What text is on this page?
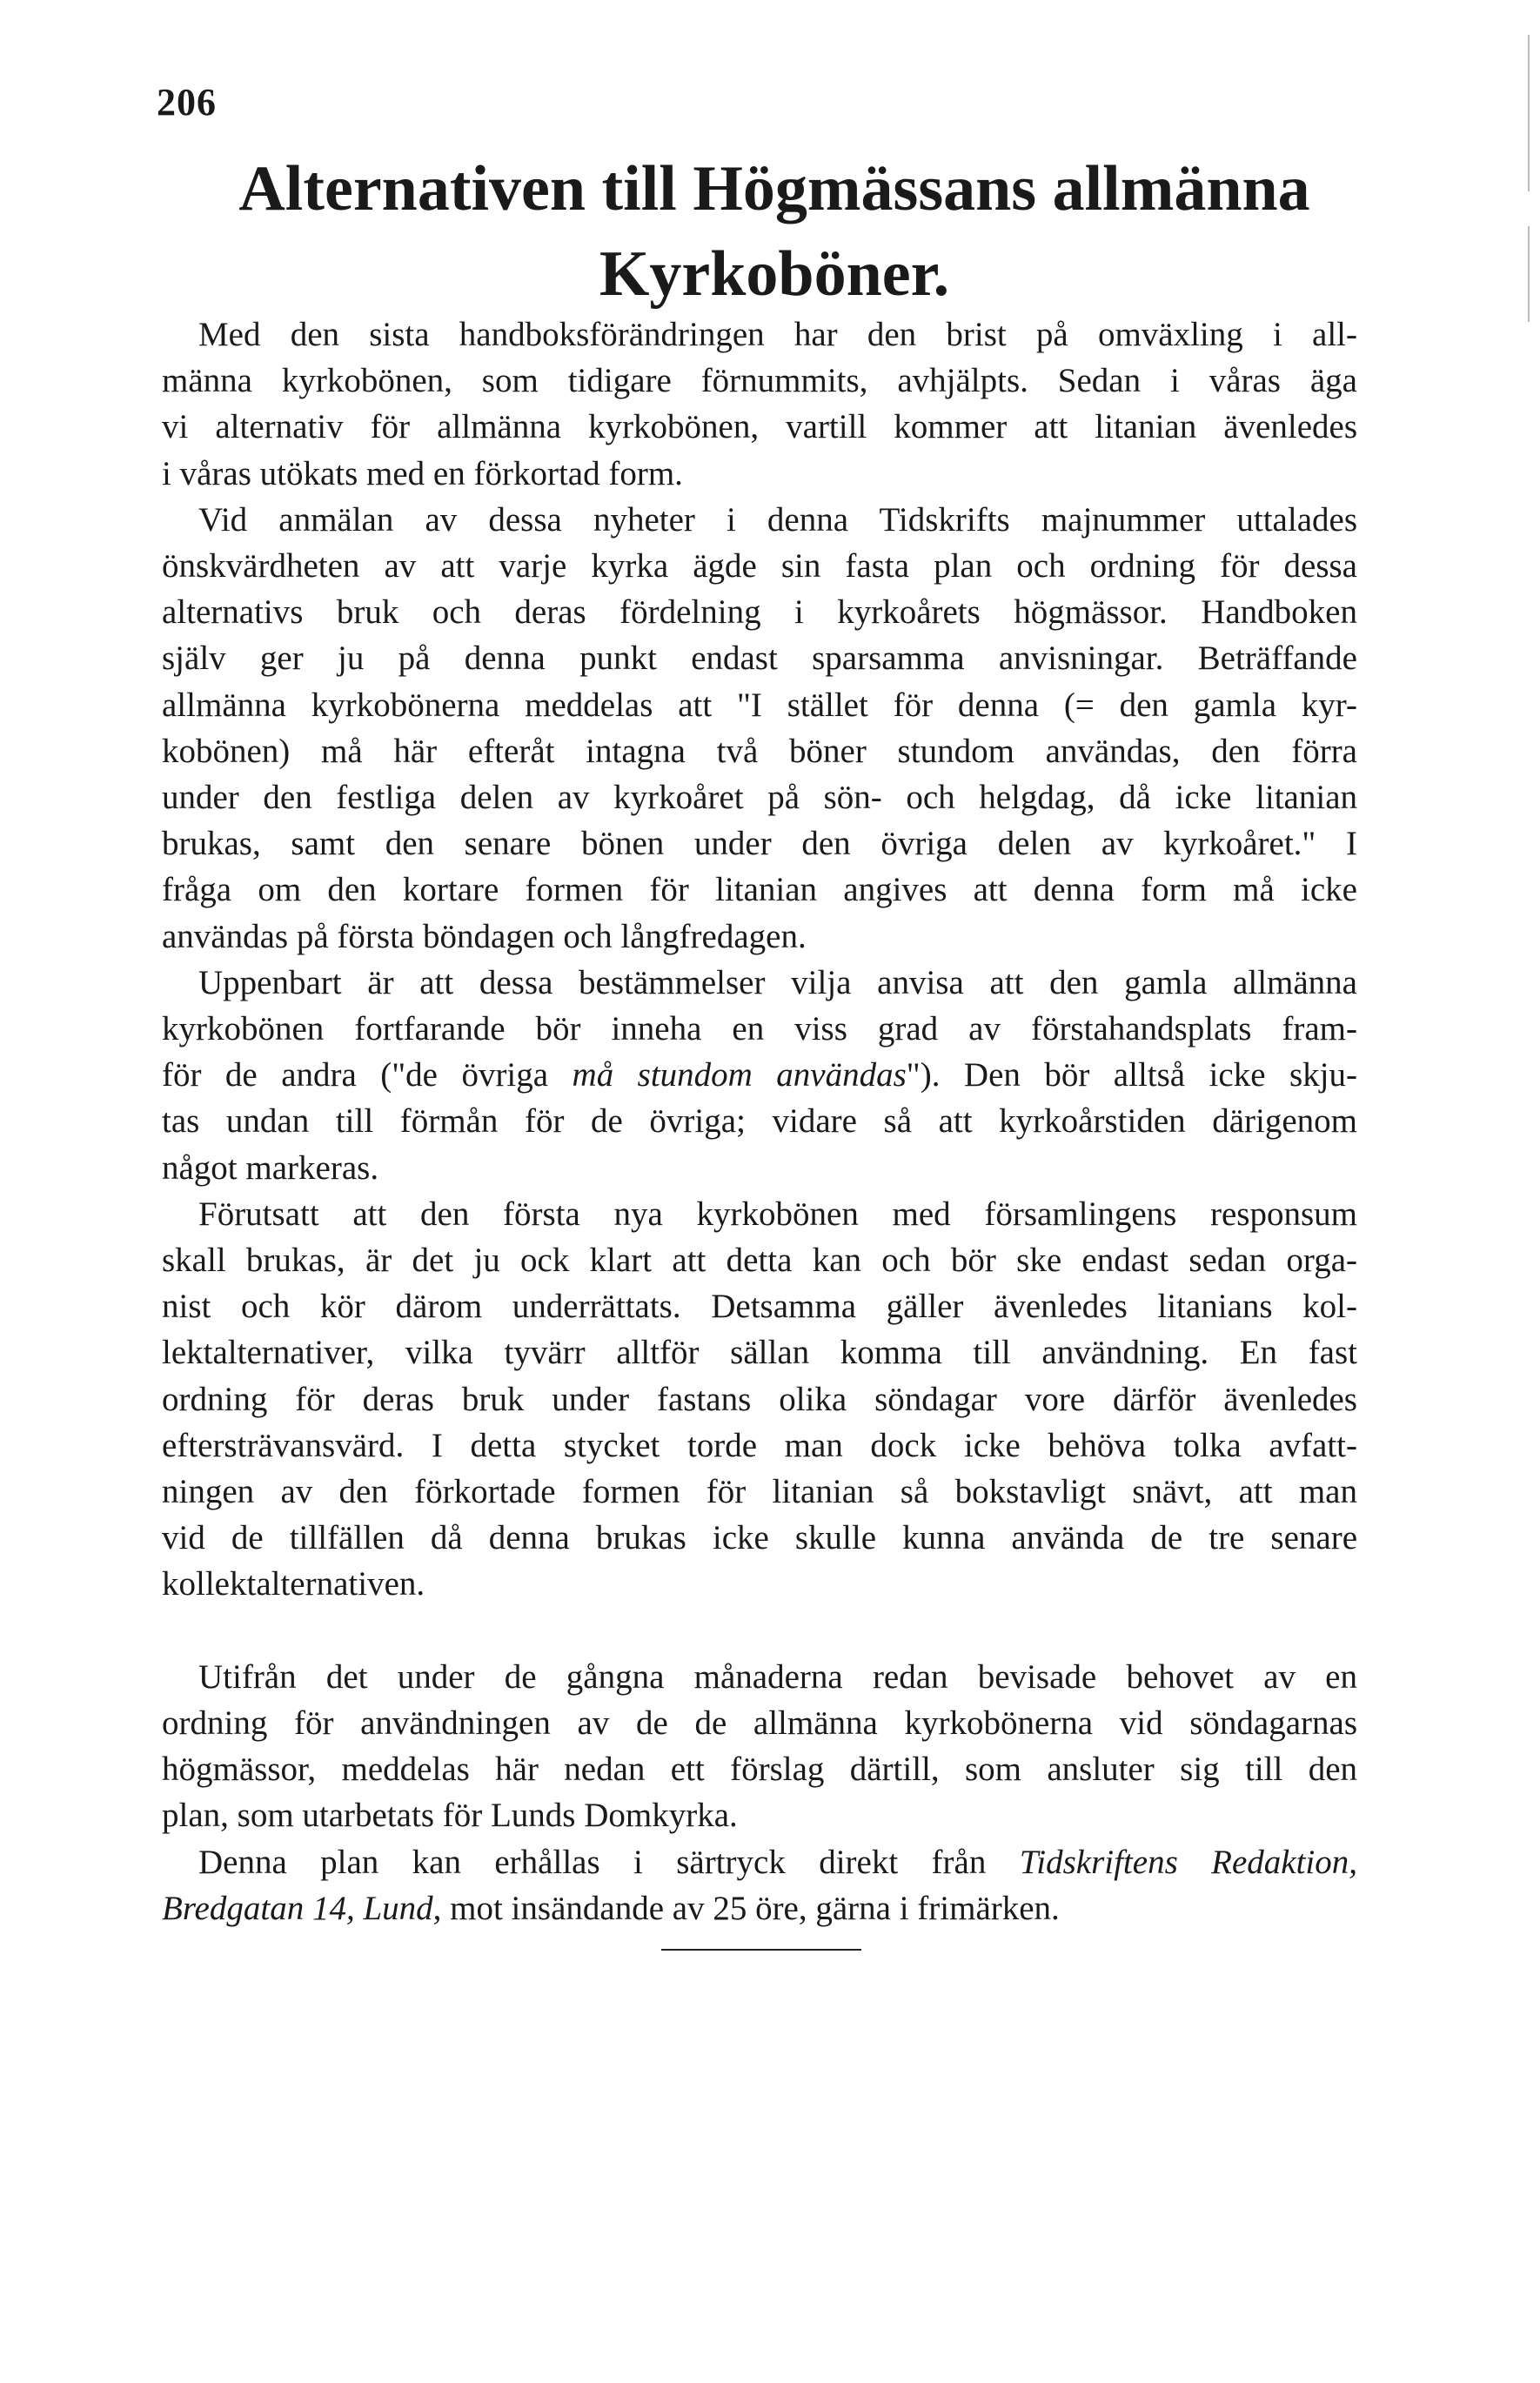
206
Alternativen till Högmässans allmänna
Kyrkoböner.

Med den sista handboksförändringen har den brist på omväxling i all-
männa kyrkobönen, som tidigare förnummits, avhjälpts. Sedan i våras äga
vi alternativ för allmänna kyrkobönen, vartill kommer att litanian ävenledes
i våras utökats med en förkortad form.

Vid anmälan av dessa nyheter i denna Tidskrifts majnummer uttalades
önskvärdheten av att varje kyrka ägde sin fasta plan och ordning för dessa
alternativs bruk och deras fördelning i kyrkoårets högmässor. Handboken
själv ger ju på denna punkt endast sparsamma anvisningar. Beträffande
allmänna kyrkobönerna meddelas att "I stället för denna (= den gamla kyr-
kobönen) må här efteråt intagna två böner stundom användas, den förra
under den festliga delen av kyrkoåret på sön- och helgdag, då icke litanian
brukas, samt den senare bönen under den övriga delen av kyrkoåret." I
fråga om den kortare formen för litanian angives att denna form må icke
användas på första böndagen och långfredagen.

Uppenbart är att dessa bestämmelser vilja anvisa att den gamla allmänna
kyrkobönen fortfarande bör inneha en viss grad av förstahandsplats fram-
för de andra ("de övriga må stundom användas"). Den bör alltså icke skju-
tas undan till förmån för de övriga; vidare så att kyrkoårstiden därigenom
något markeras.

Förutsatt att den första nya kyrkobönen med församlingens responsum
skall brukas, är det ju ock klart att detta kan och bör ske endast sedan orga-
nist och kör därom underrättats. Detsamma gäller ävenledes litanians kol-
lektalternativer, vilka tyvärr alltför sällan komma till användning. En fast
ordning för deras bruk under fastans olika söndagar vore därför ävenledes
eftersträvansvärd. I detta stycket torde man dock icke behöva tolka avfatt-
ningen av den förkortade formen för litanian så bokstavligt snävt, att man
vid de tillfällen då denna brukas icke skulle kunna använda de tre senare
kollektalternativen.

Utifrån det under de gångna månaderna redan bevisade behovet av en
ordning för användningen av de de allmänna kyrkobönerna vid söndagarnas
högmässor, meddelas här nedan ett förslag därtill, som ansluter sig till den
plan, som utarbetats för Lunds Domkyrka.

Denna plan kan erhållas i särtryck direkt från Tidskriftens Redaktion,
Bredgatan 14, Lund, mot insändande av 25 öre, gärna i frimärken.
